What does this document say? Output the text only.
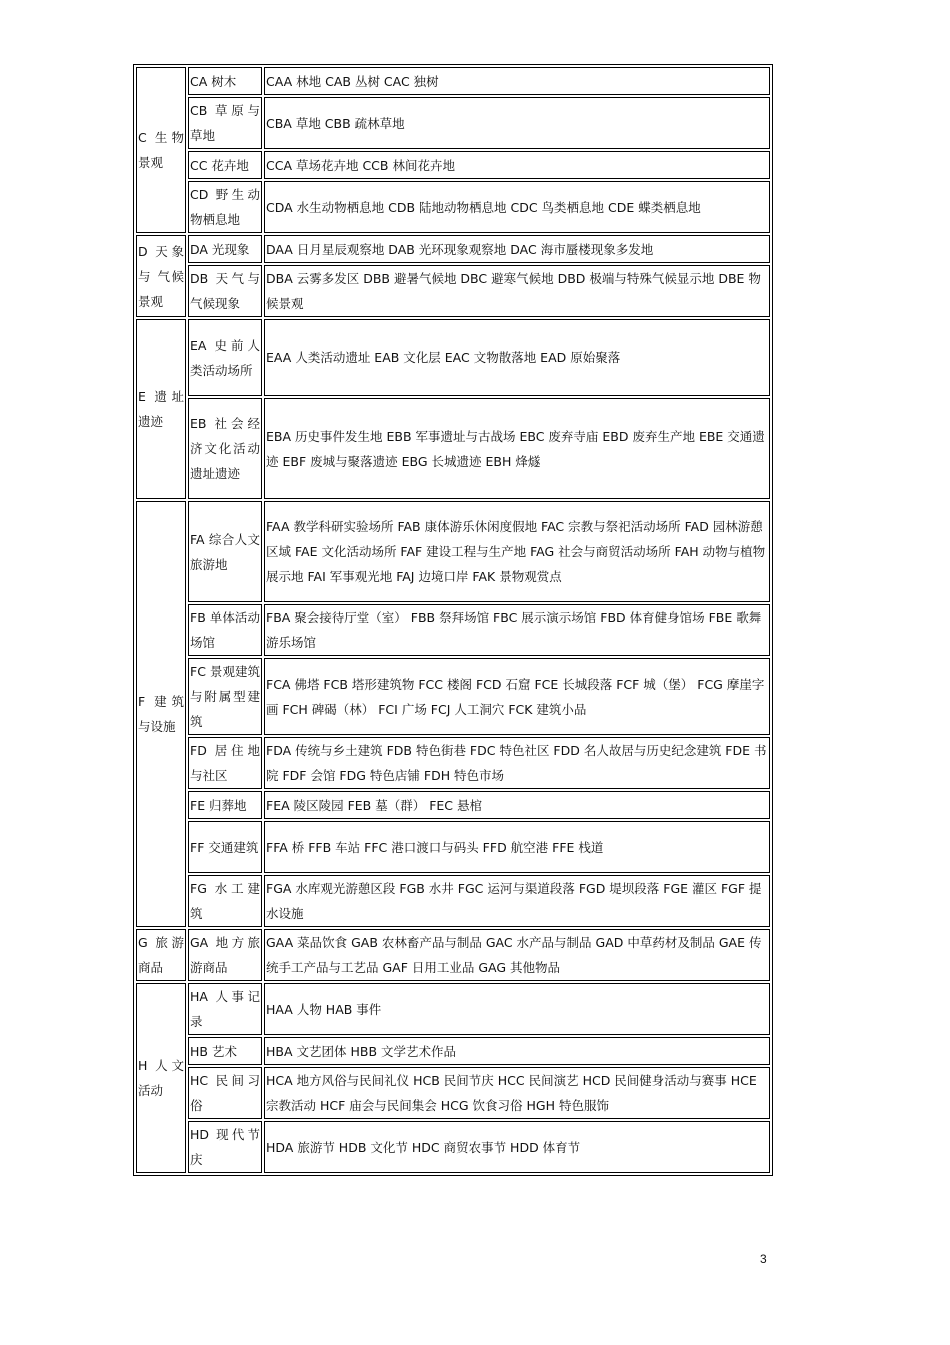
C 生物景观	CA 树木	CAA 林地 CAB 丛树 CAC 独树
	CB 草原与草地	CBA 草地 CBB 疏林草地
	CC 花卉地	CCA 草场花卉地 CCB 林间花卉地
	CD 野生动物栖息地	CDA 水生动物栖息地 CDB 陆地动物栖息地 CDC 鸟类栖息地 CDE 蝶类栖息地
D 天象与 气候景观	DA 光现象	DAA 日月星辰观察地 DAB 光环现象观察地 DAC 海市蜃楼现象多发地
	DB 天气与气候现象	DBA 云雾多发区 DBB 避暑气候地 DBC 避寒气候地 DBD 极端与特殊气候显示地 DBE 物候景观
E 遗址遗迹	EA 史前人类活动场所	EAA 人类活动遗址 EAB 文化层 EAC 文物散落地 EAD 原始聚落
	EB 社会经济文化活动遗址遗迹	EBA 历史事件发生地 EBB 军事遗址与古战场 EBC 废弃寺庙 EBD 废弃生产地 EBE 交通遗迹 EBF 废城与聚落遗迹 EBG 长城遗迹 EBH 烽燧
F 建筑与设施	FA 综合人文旅游地	FAA 教学科研实验场所 FAB 康体游乐休闲度假地 FAC 宗教与祭祀活动场所 FAD 园林游憩区域 FAE 文化活动场所 FAF 建设工程与生产地 FAG 社会与商贸活动场所 FAH 动物与植物展示地 FAI 军事观光地 FAJ 边境口岸 FAK 景物观赏点
	FB 单体活动场馆	FBA 聚会接待厅堂（室） FBB 祭拜场馆 FBC 展示演示场馆 FBD 体育健身馆场 FBE 歌舞游乐场馆
	FC 景观建筑与附属型建筑	FCA 佛塔 FCB 塔形建筑物 FCC 楼阁 FCD 石窟 FCE 长城段落 FCF 城（堡） FCG 摩崖字画 FCH 碑碣（林） FCI 广场 FCJ 人工洞穴 FCK 建筑小品
	FD 居住地与社区	FDA 传统与乡土建筑 FDB 特色街巷 FDC 特色社区 FDD 名人故居与历史纪念建筑 FDE 书院 FDF 会馆 FDG 特色店铺 FDH 特色市场
	FE 归葬地	FEA 陵区陵园 FEB 墓（群） FEC 悬棺
	FF 交通建筑	FFA 桥 FFB 车站 FFC 港口渡口与码头 FFD 航空港 FFE 栈道
	FG 水工建筑	FGA 水库观光游憩区段 FGB 水井 FGC 运河与渠道段落 FGD 堤坝段落 FGE 灌区 FGF 提水设施
G 旅游商品	GA 地方旅游商品	GAA 菜品饮食 GAB 农林畜产品与制品 GAC 水产品与制品 GAD 中草药材及制品 GAE 传统手工产品与工艺品 GAF 日用工业品 GAG 其他物品
H 人文活动	HA 人事记录	HAA 人物 HAB 事件
	HB 艺术	HBA 文艺团体 HBB 文学艺术作品
	HC 民间习俗	HCA 地方风俗与民间礼仪 HCB 民间节庆 HCC 民间演艺 HCD 民间健身活动与赛事 HCE 宗教活动 HCF 庙会与民间集会 HCG 饮食习俗 HGH 特色服饰
	HD 现代节庆	HDA 旅游节 HDB 文化节 HDC 商贸农事节 HDD 体育节
3
